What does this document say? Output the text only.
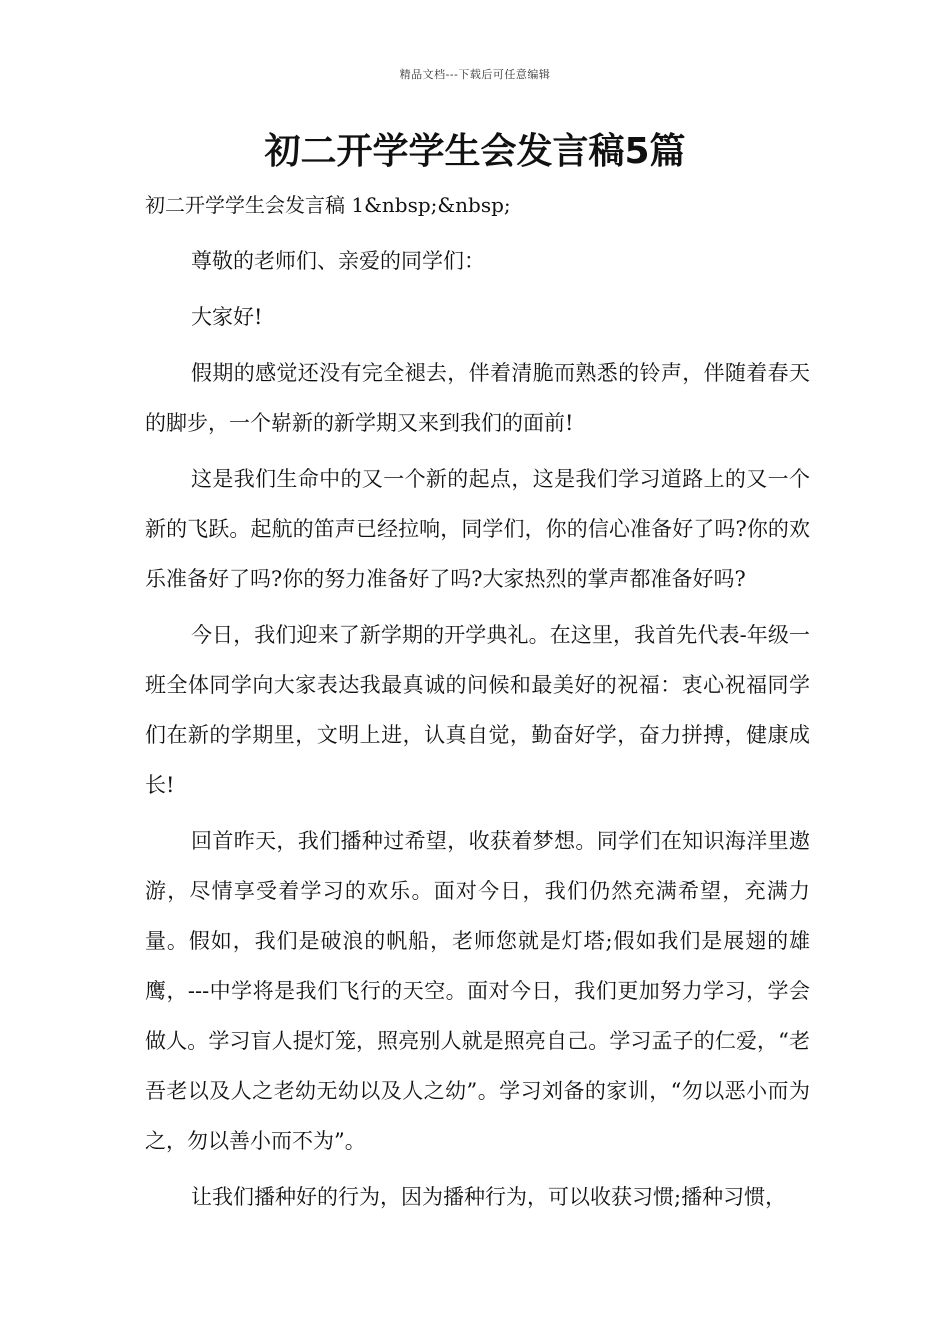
精品文档---下载后可任意编辑
初二开学学生会发言稿5篇

初二开学学生会发言稿 1&nbsp;&nbsp;

尊敬的老师们、亲爱的同学们：

大家好!

假期的感觉还没有完全褪去，伴着清脆而熟悉的铃声，伴随着春天的脚步，一个崭新的新学期又来到我们的面前!

这是我们生命中的又一个新的起点，这是我们学习道路上的又一个新的飞跃。起航的笛声已经拉响，同学们，你的信心准备好了吗?你的欢乐准备好了吗?你的努力准备好了吗?大家热烈的掌声都准备好吗?

今日，我们迎来了新学期的开学典礼。在这里，我首先代表-年级一班全体同学向大家表达我最真诚的问候和最美好的祝福：衷心祝福同学们在新的学期里，文明上进，认真自觉，勤奋好学，奋力拼搏，健康成长!

回首昨天，我们播种过希望，收获着梦想。同学们在知识海洋里遨游，尽情享受着学习的欢乐。面对今日，我们仍然充满希望，充满力量。假如，我们是破浪的帆船，老师您就是灯塔;假如我们是展翅的雄鹰，---中学将是我们飞行的天空。面对今日，我们更加努力学习，学会做人。学习盲人提灯笼，照亮别人就是照亮自己。学习孟子的仁爱，“老吾老以及人之老幼无幼以及人之幼”。学习刘备的家训，“勿以恶小而为之，勿以善小而不为”。

让我们播种好的行为，因为播种行为，可以收获习惯;播种习惯，
